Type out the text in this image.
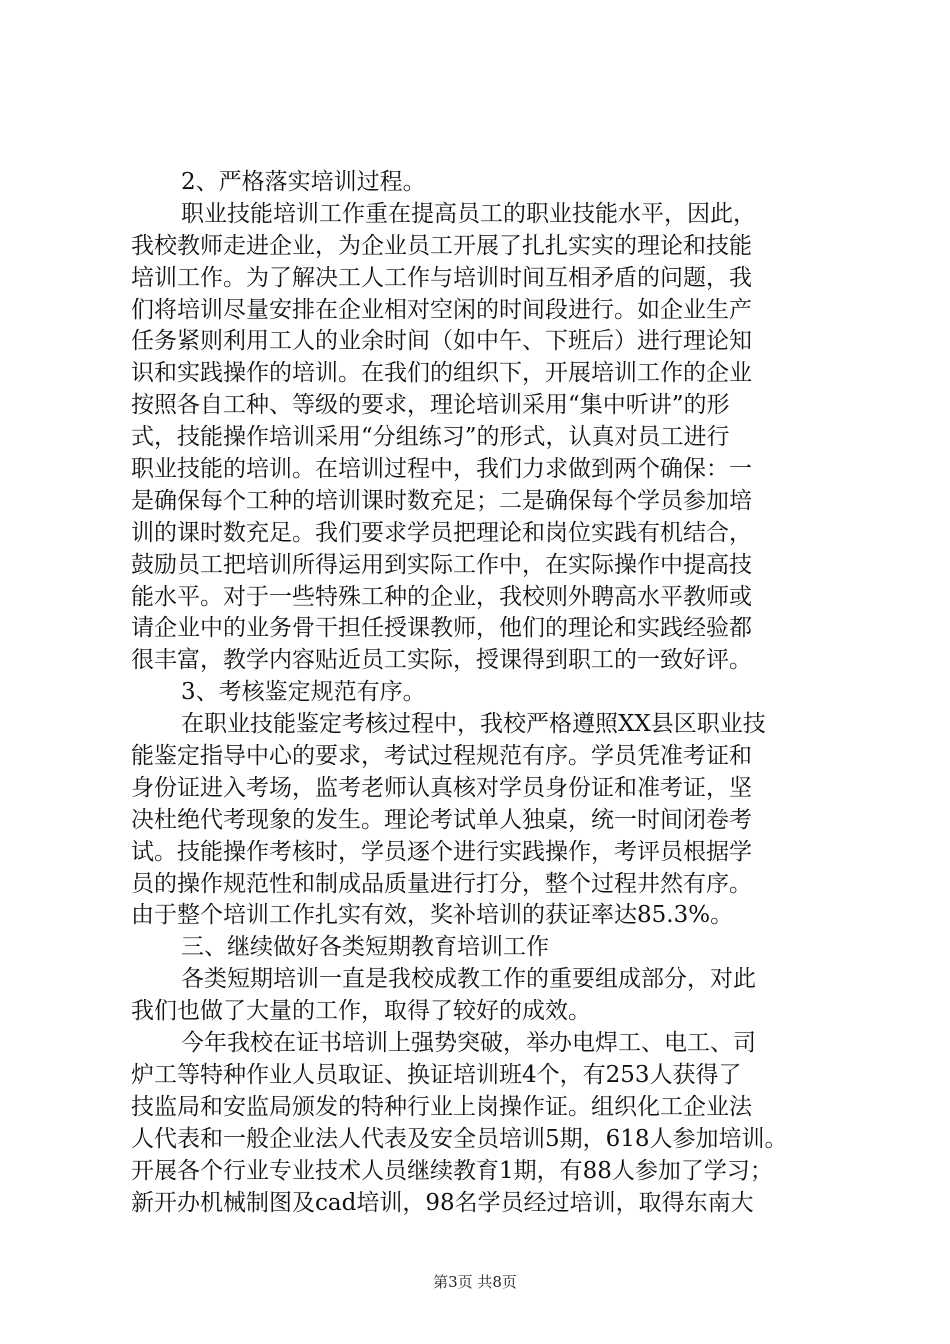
2、严格落实培训过程。
职业技能培训工作重在提高员工的职业技能水平，因此，
我校教师走进企业，为企业员工开展了扎扎实实的理论和技能
培训工作。为了解决工人工作与培训时间互相矛盾的问题，我
们将培训尽量安排在企业相对空闲的时间段进行。如企业生产
任务紧则利用工人的业余时间（如中午、下班后）进行理论知
识和实践操作的培训。在我们的组织下，开展培训工作的企业
按照各自工种、等级的要求，理论培训采用“集中听讲”的形
式，技能操作培训采用“分组练习”的形式，认真对员工进行
职业技能的培训。在培训过程中，我们力求做到两个确保：一
是确保每个工种的培训课时数充足；二是确保每个学员参加培
训的课时数充足。我们要求学员把理论和岗位实践有机结合，
鼓励员工把培训所得运用到实际工作中，在实际操作中提高技
能水平。对于一些特殊工种的企业，我校则外聘高水平教师或
请企业中的业务骨干担任授课教师，他们的理论和实践经验都
很丰富，教学内容贴近员工实际，授课得到职工的一致好评。
3、考核鉴定规范有序。
在职业技能鉴定考核过程中，我校严格遵照XX县区职业技
能鉴定指导中心的要求，考试过程规范有序。学员凭准考证和
身份证进入考场，监考老师认真核对学员身份证和准考证，坚
决杜绝代考现象的发生。理论考试单人独桌，统一时间闭卷考
试。技能操作考核时，学员逐个进行实践操作，考评员根据学
员的操作规范性和制成品质量进行打分，整个过程井然有序。
由于整个培训工作扎实有效，奖补培训的获证率达85.3%。
三、继续做好各类短期教育培训工作
各类短期培训一直是我校成教工作的重要组成部分，对此
我们也做了大量的工作，取得了较好的成效。
今年我校在证书培训上强势突破，举办电焊工、电工、司
炉工等特种作业人员取证、换证培训班4个，有253人获得了
技监局和安监局颁发的特种行业上岗操作证。组织化工企业法
人代表和一般企业法人代表及安全员培训5期，618人参加培训。
开展各个行业专业技术人员继续教育1期，有88人参加了学习；
新开办机械制图及cad培训，98名学员经过培训，取得东南大
第3页 共8页
